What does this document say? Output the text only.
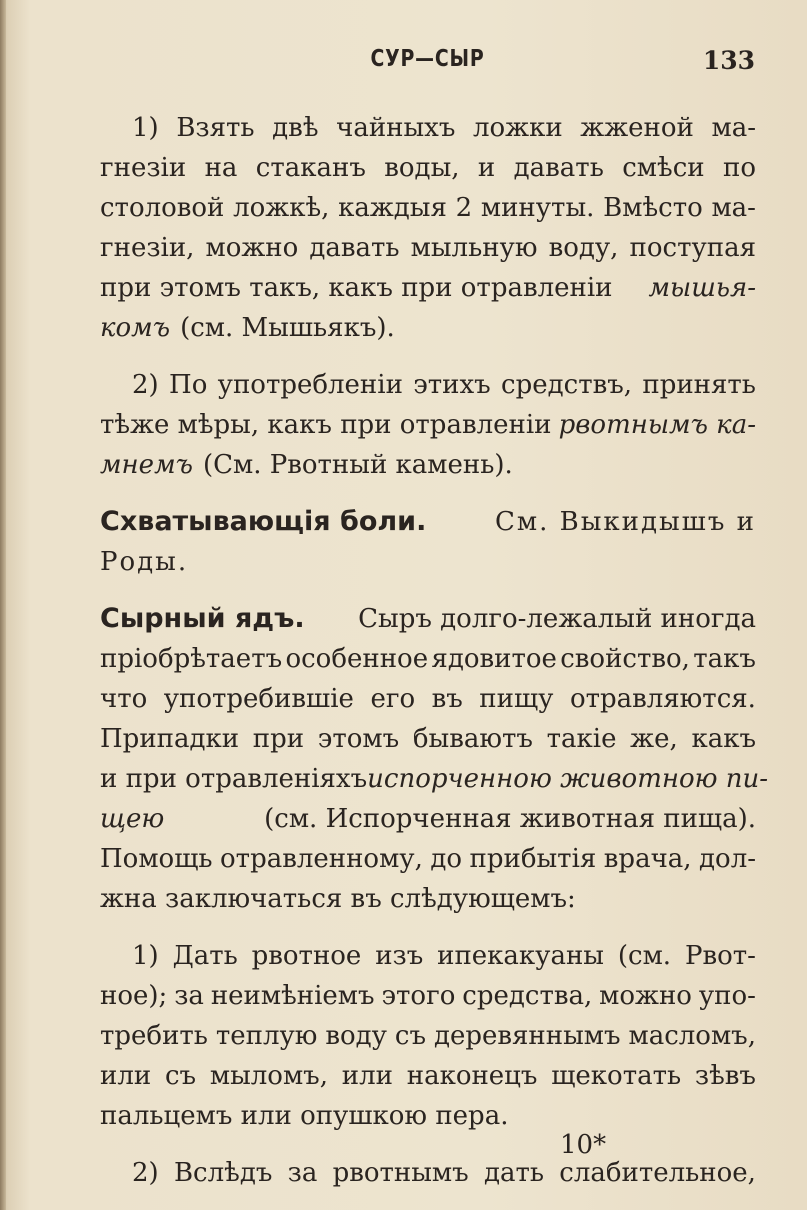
СУР—СЫР	133
1) Взять двѣ чайныхъ ложки жженой ма-
гнезіи на стаканъ воды, и давать смѣси по
столовой ложкѣ, каждыя 2 минуты. Вмѣсто ма-
гнезіи, можно давать мыльную воду, поступая
при этомъ такъ, какъ при отравленіи мышья-
комъ (см. Мышьякъ).
2) По употребленіи этихъ средствъ, принять
тѣже мѣры, какъ при отравленіи рвотнымъ ка-
мнемъ (См. Рвотный камень).
Схватывающія боли.	См. Выкидышъ и
Роды.
Сырный ядъ. Сыръ долго-лежалый иногда
пріобрѣтаетъ особенное ядовитое свойство, такъ
что употребившіе его въ пищу отравляются.
Припадки при этомъ бываютъ такіе же, какъ
и при отравленіяхъ испорченною животною пи-
щею	(см. Испорченная животная пища).
Помощь отравленному, до прибытія врача, дол-
жна заключаться въ слѣдующемъ:
1) Дать рвотное изъ ипекакуаны (см. Рвот-
ное); за неимѣніемъ этого средства, можно упо-
требить теплую воду съ деревяннымъ масломъ,
или съ мыломъ, или наконецъ щекотать зѣвъ
пальцемъ или опушкою пера.
2) Вслѣдъ за рвотнымъ дать слабительное,
10*
